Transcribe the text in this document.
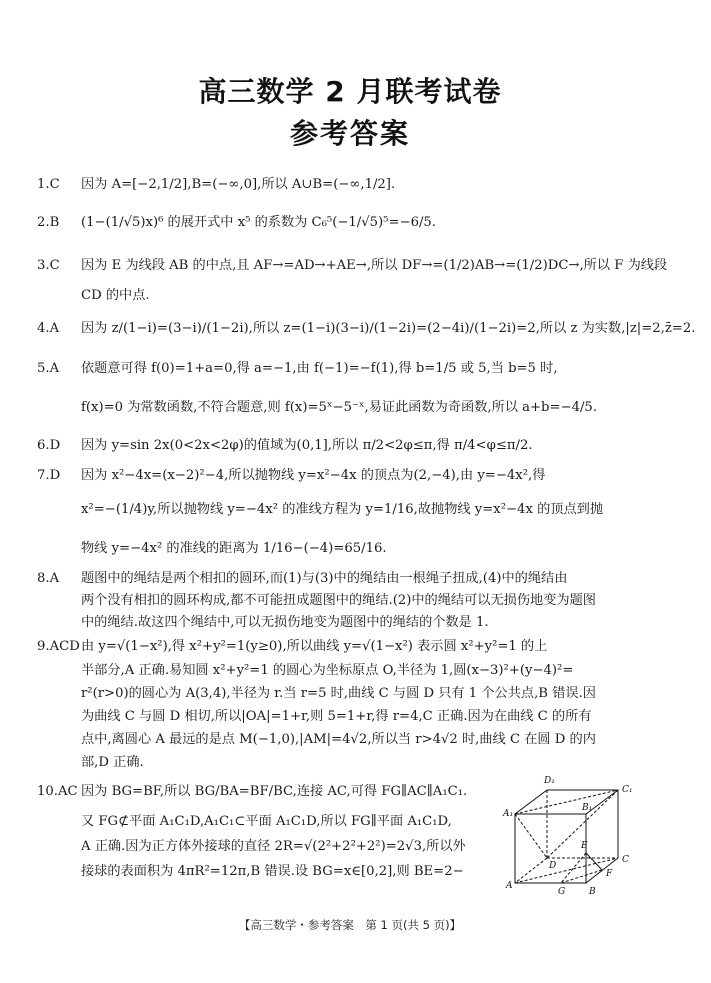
高三数学 2 月联考试卷
参考答案
1.C 因为 A=[−2,1/2],B=(−∞,0],所以 A∪B=(−∞,1/2].
2.B (1−(1/√5)x)⁶ 的展开式中 x⁵ 的系数为 C₆⁵(−1/√5)⁵=−6/5.
3.C 因为 E 为线段 AB 的中点,且 AF→=AD→+AE→,所以 DF→=(1/2)AB→=(1/2)DC→,所以 F 为线段
CD 的中点.
4.A 因为 z/(1−i)=(3−i)/(1−2i),所以 z=(1−i)(3−i)/(1−2i)=(2−4i)/(1−2i)=2,所以 z 为实数,|z|=2,z̄=2.
5.A 依题意可得 f(0)=1+a=0,得 a=−1,由 f(−1)=−f(1),得 b=1/5 或 5,当 b=5 时,
f(x)=0 为常数函数,不符合题意,则 f(x)=5ˣ−5⁻ˣ,易证此函数为奇函数,所以 a+b=−4/5.
6.D 因为 y=sin 2x(0<2x<2φ)的值域为(0,1],所以 π/2<2φ≤π,得 π/4<φ≤π/2.
7.D 因为 x²−4x=(x−2)²−4,所以抛物线 y=x²−4x 的顶点为(2,−4),由 y=−4x²,得
x²=−(1/4)y,所以抛物线 y=−4x² 的准线方程为 y=1/16,故抛物线 y=x²−4x 的顶点到抛
物线 y=−4x² 的准线的距离为 1/16−(−4)=65/16.
8.A 题图中的绳结是两个相扣的圆环,而(1)与(3)中的绳结由一根绳子扭成,(4)中的绳结由
两个没有相扣的圆环构成,都不可能扭成题图中的绳结.(2)中的绳结可以无损伤地变为题图
中的绳结.故这四个绳结中,可以无损伤地变为题图中的绳结的个数是 1.
9.ACD由 y=√(1−x²),得 x²+y²=1(y≥0),所以曲线 y=√(1−x²) 表示圆 x²+y²=1 的上
半部分,A 正确.易知圆 x²+y²=1 的圆心为坐标原点 O,半径为 1,圆(x−3)²+(y−4)²=
r²(r>0)的圆心为 A(3,4),半径为 r.当 r=5 时,曲线 C 与圆 D 只有 1 个公共点,B 错误.因
为曲线 C 与圆 D 相切,所以|OA|=1+r,则 5=1+r,得 r=4,C 正确.因为在曲线 C 的所有
点中,离圆心 A 最远的是点 M(−1,0),|AM|=4√2,所以当 r>4√2 时,曲线 C 在圆 D 的内
部,D 正确.
10.AC 因为 BG=BF,所以 BG/BA=BF/BC,连接 AC,可得 FG∥AC∥A₁C₁.
又 FG⊄平面 A₁C₁D,A₁C₁⊂平面 A₁C₁D,所以 FG∥平面 A₁C₁D,
A 正确.因为正方体外接球的直径 2R=√(2²+2²+2²)=2√3,所以外
接球的表面积为 4πR²=12π,B 错误.设 BG=x∈[0,2],则 BE=2−
D₁
C₁
A₁
B₁
E
D
C
F
A
G	B
【高三数学・参考答案　第 1 页(共 5 页)】
